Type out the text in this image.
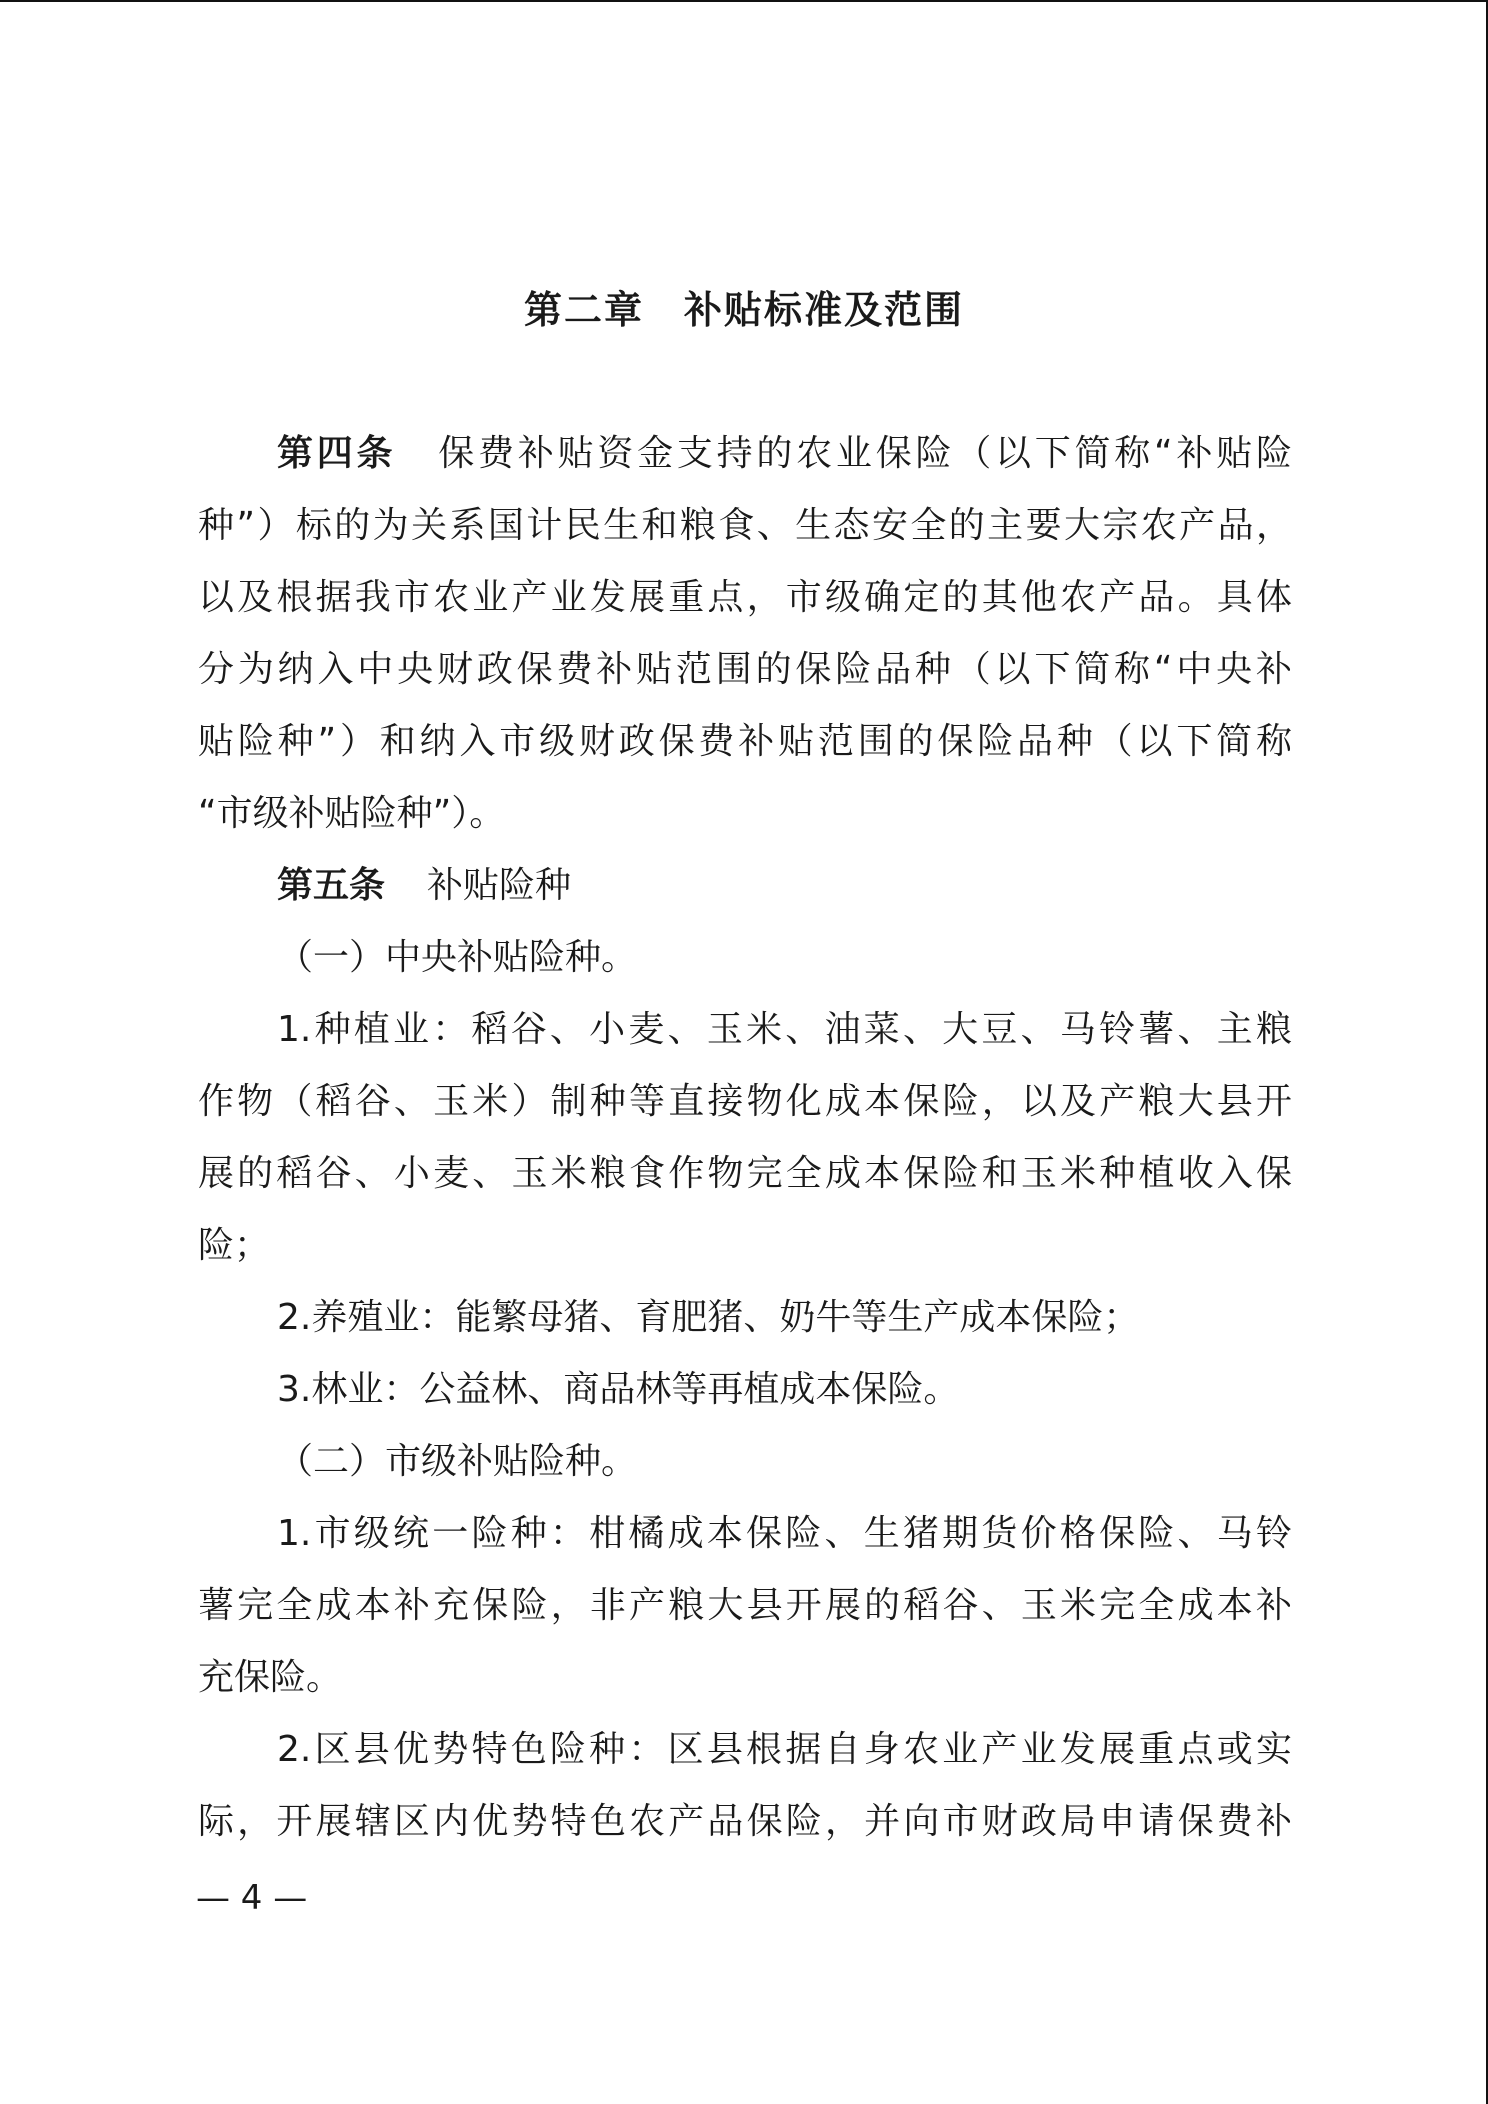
第二章　补贴标准及范围
第四条 保费补贴资金支持的农业保险（以下简称“补贴险
种”）标的为关系国计民生和粮食、生态安全的主要大宗农产品，
以及根据我市农业产业发展重点，市级确定的其他农产品。具体
分为纳入中央财政保费补贴范围的保险品种（以下简称“中央补
贴险种”）和纳入市级财政保费补贴范围的保险品种（以下简称
“市级补贴险种”）。
第五条 补贴险种
（一）中央补贴险种。
1.种植业：稻谷、小麦、玉米、油菜、大豆、马铃薯、主粮
作物（稻谷、玉米）制种等直接物化成本保险，以及产粮大县开
展的稻谷、小麦、玉米粮食作物完全成本保险和玉米种植收入保
险；
2.养殖业：能繁母猪、育肥猪、奶牛等生产成本保险；
3.林业：公益林、商品林等再植成本保险。
（二）市级补贴险种。
1.市级统一险种：柑橘成本保险、生猪期货价格保险、马铃
薯完全成本补充保险，非产粮大县开展的稻谷、玉米完全成本补
充保险。
2.区县优势特色险种：区县根据自身农业产业发展重点或实
际，开展辖区内优势特色农产品保险，并向市财政局申请保费补
— 4 —
